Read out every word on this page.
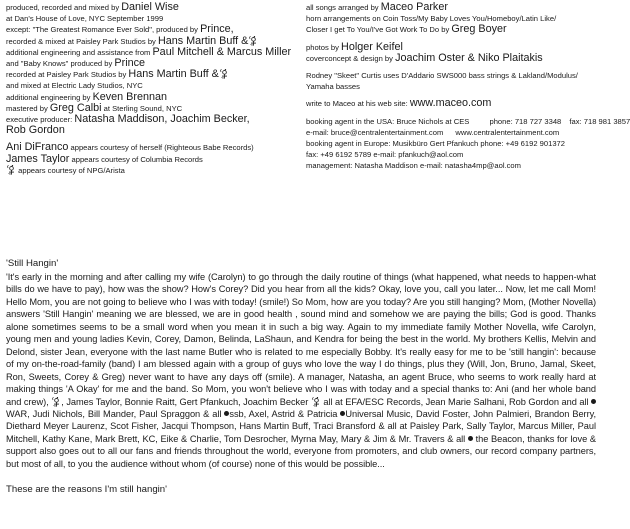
produced, recorded and mixed by Daniel Wise
at Dan's House of Love, NYC September 1999
except: "The Greatest Romance Ever Sold", produced by Prince,
recorded & mixed at Paisley Park Studios by Hans Martin Buff &
additional engineering and assistance from Paul Mitchell & Marcus Miller
and "Baby Knows" produced by Prince
recorded at Paisley Park Studios by Hans Martin Buff &
and mixed at Electric Lady Studios, NYC
additional engineering by Keven Brennan
mastered by Greg Calbi at Sterling Sound, NYC
executive producer: Natasha Maddison, Joachim Becker,
Rob Gordon
Ani DiFranco appears courtesy of herself (Righteous Babe Records)
James Taylor appears courtesy of Columbia Records
appears courtesy of NPG/Arista
all songs arranged by Maceo Parker
horn arrangements on Coin Toss/My Baby Loves You/Homeboy/Latin Like/
Closer I get To You/I've Got Work To Do by Greg Boyer
photos by Holger Keifel
coverconcept & design by Joachim Oster & Niko Plaitakis
Rodney "Skeet" Curtis uses D'Addario SWS000 bass strings & Lakland/Modulus/
Yamaha basses
write to Maceo at his web site: www.maceo.com
booking agent in the USA: Bruce Nichols at CES	phone: 718 727 3348 fax: 718 981 3857
e-mail: bruce@centralentertainment.com www.centralentertainment.com
booking agent in Europe: Musikbüro Gert Pfankuch phone: +49 6192 901372
fax: +49 6192 5789 e-mail: pfankuch@aol.com
management: Natasha Maddison e-mail: natasha4mp@aol.com
'Still Hangin'
'It's early in the morning and after calling my wife (Carolyn) to go through the daily routine of things (what happened, what needs to happen-what bills do we have to pay), how was the show? How's Corey? Did you hear from all the kids? Okay, love you, call you later... Now, let me call Mom! Hello Mom, you are not going to believe who I was with today! (smile!) So Mom, how are you today? Are you still hanging? Mom, (Mother Novella) answers 'Still Hangin' meaning we are blessed, we are in good health , sound mind and somehow we are paying the bills; God is good. Thanks alone sometimes seems to be a small word when you mean it in such a big way. Again to my immediate family Mother Novella, wife Carolyn, young men and young ladies Kevin, Corey, Damon, Belinda, LaShaun, and Kendra for being the best in the world. My brothers Kellis, Melvin and Delond, sister Jean, everyone with the last name Butler who is related to me especially Bobby. It's really easy for me to be 'still hangin': because of my on-the-road-family (band) I am blessed again with a group of guys who love the way I do things, plus they (Will, Jon, Bruno, Jamal, Skeet, Ron, Sweets, Corey & Greg) never want to have any days off (smile). A manager, Natasha, an agent Bruce, who seems to work really hard at making things 'A Okay' for me and the band. So Mom, you won't believe who I was with today and a special thanks to: Ani (and her whole band and crew), , James Taylor, Bonnie Raitt, Gert Pfankuch, Joachim Becker all at EFA/ESC Records, Jean Marie Salhani, Rob Gordon and all  WAR, Judi Nichols, Bill Mander, Paul Spraggon & all ssb, Axel, Astrid & Patricia Universal Music, David Foster, John Palmieri, Brandon Berry, Diethard Meyer Laurenz, Scot Fisher, Jacqui Thompson, Hans Martin Buff, Traci Bransford & all at Paisley Park, Sally Taylor, Marcus Miller, Paul Mitchell, Kathy Kane, Mark Brett, KC, Eike & Charlie, Tom Desrocher, Myrna May, Mary & Jim & Mr. Travers & all the Beacon, thanks for love & support also goes out to all our fans and friends throughout the world, everyone from promoters, and club owners, our record company partners, but most of all, to you the audience without whom (of course) none of this would be possible...
These are the reasons I'm still hangin'
